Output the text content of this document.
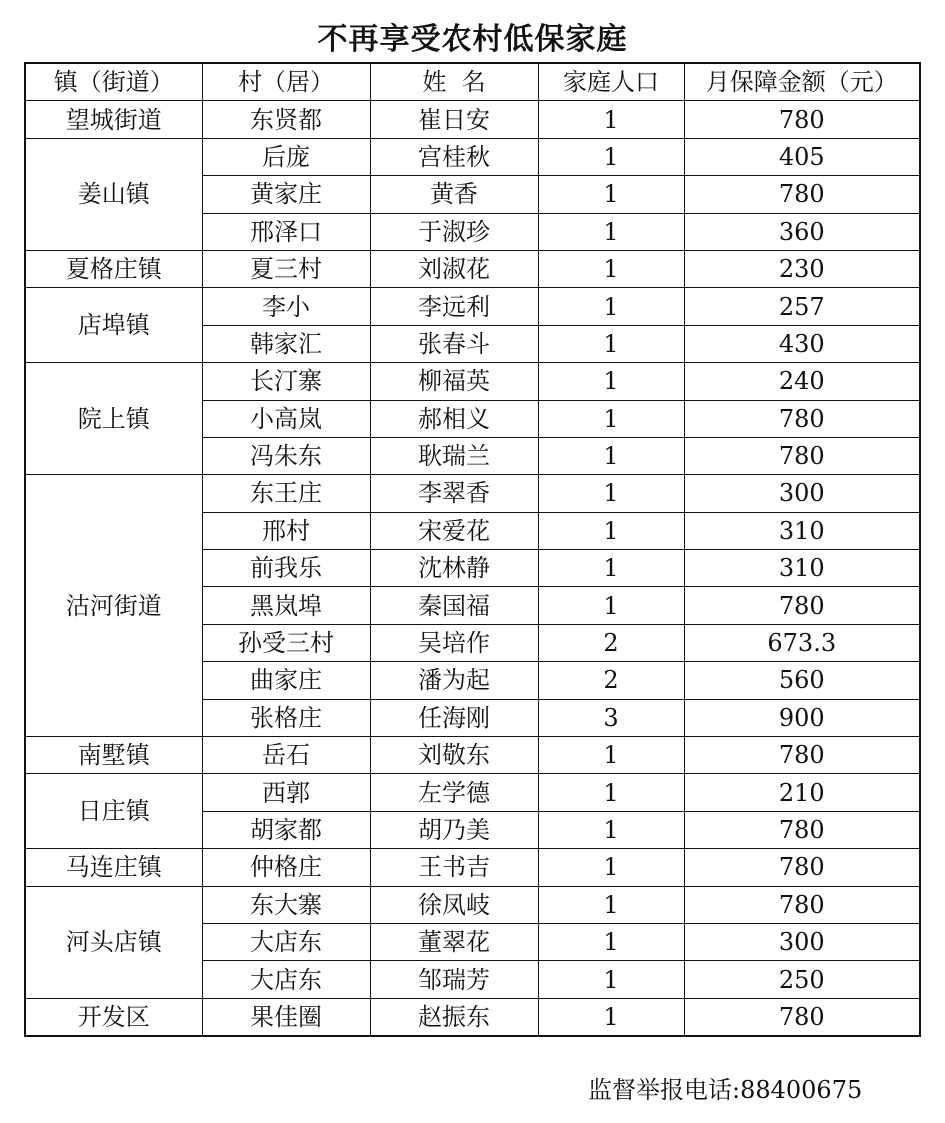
不再享受农村低保家庭
镇（街道）	村（居）	姓  名	家庭人口	月保障金额（元）
望城街道	东贤都	崔日安	1	780
姜山镇	后庞	宫桂秋	1	405
	黄家庄	黄香	1	780
	邢泽口	于淑珍	1	360
夏格庄镇	夏三村	刘淑花	1	230
店埠镇	李小	李远利	1	257
	韩家汇	张春斗	1	430
院上镇	长汀寨	柳福英	1	240
	小高岚	郝相义	1	780
	冯朱东	耿瑞兰	1	780
沽河街道	东王庄	李翠香	1	300
	邢村	宋爱花	1	310
	前我乐	沈林静	1	310
	黑岚埠	秦国福	1	780
	孙受三村	吴培作	2	673.3
	曲家庄	潘为起	2	560
	张格庄	任海刚	3	900
南墅镇	岳石	刘敬东	1	780
日庄镇	西郭	左学德	1	210
	胡家都	胡乃美	1	780
马连庄镇	仲格庄	王书吉	1	780
河头店镇	东大寨	徐凤岐	1	780
	大店东	董翠花	1	300
	大店东	邹瑞芳	1	250
开发区	果佳圈	赵振东	1	780
监督举报电话:88400675
